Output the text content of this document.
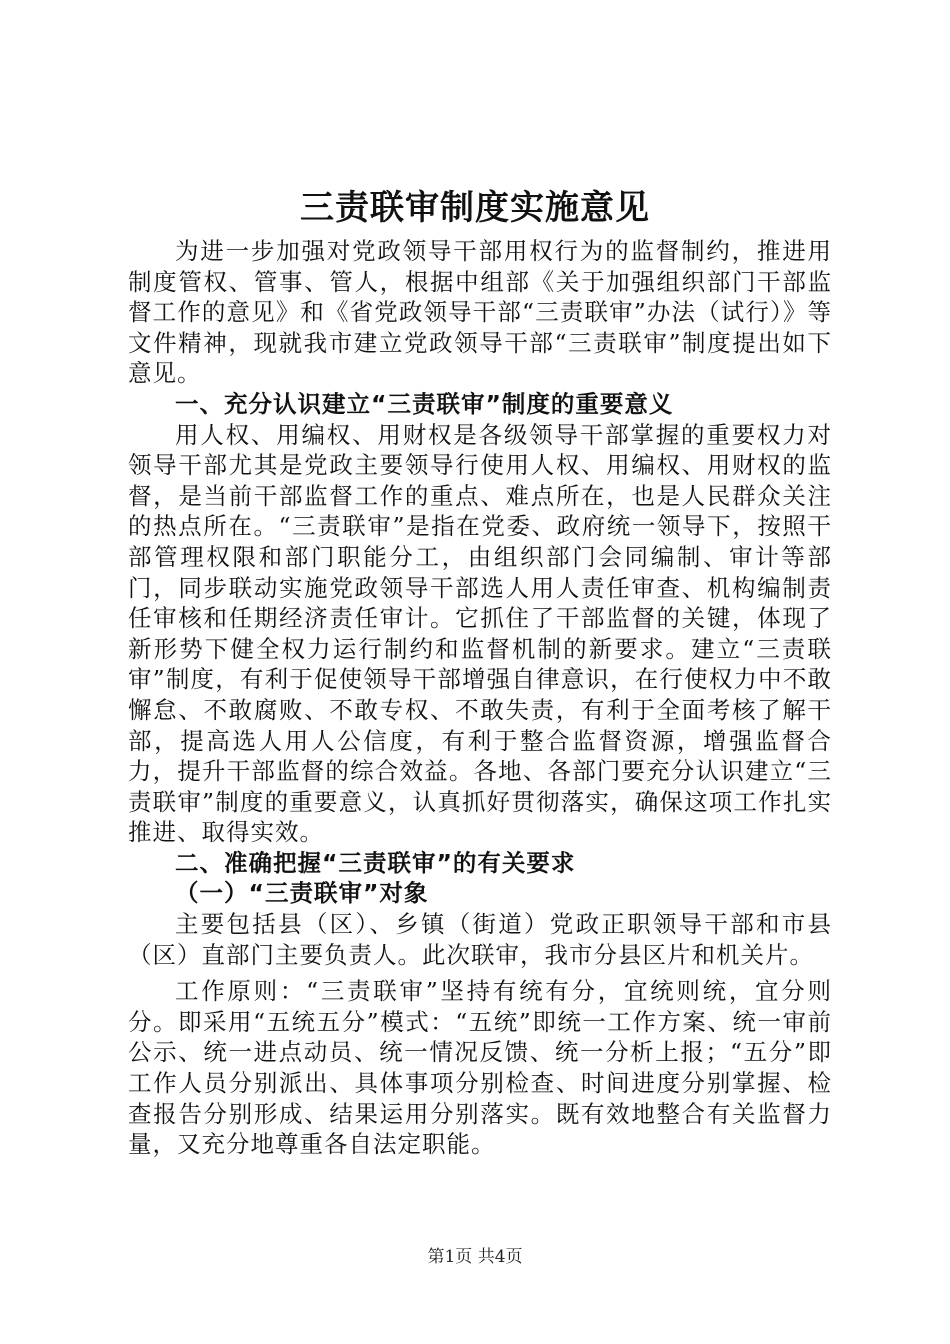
三责联审制度实施意见

为进一步加强对党政领导干部用权行为的监督制约，推进用制度管权、管事、管人，根据中组部《关于加强组织部门干部监督工作的意见》和《省党政领导干部“三责联审”办法（试行）》等文件精神，现就我市建立党政领导干部“三责联审”制度提出如下意见。

一、充分认识建立“三责联审”制度的重要意义

用人权、用编权、用财权是各级领导干部掌握的重要权力对领导干部尤其是党政主要领导行使用人权、用编权、用财权的监督，是当前干部监督工作的重点、难点所在，也是人民群众关注的热点所在。“三责联审”是指在党委、政府统一领导下，按照干部管理权限和部门职能分工，由组织部门会同编制、审计等部门，同步联动实施党政领导干部选人用人责任审查、机构编制责任审核和任期经济责任审计。它抓住了干部监督的关键，体现了新形势下健全权力运行制约和监督机制的新要求。建立“三责联审”制度，有利于促使领导干部增强自律意识，在行使权力中不敢懈怠、不敢腐败、不敢专权、不敢失责，有利于全面考核了解干部，提高选人用人公信度，有利于整合监督资源，增强监督合力，提升干部监督的综合效益。各地、各部门要充分认识建立“三责联审”制度的重要意义，认真抓好贯彻落实，确保这项工作扎实推进、取得实效。

二、准确把握“三责联审”的有关要求

（一）“三责联审”对象

主要包括县（区）、乡镇（街道）党政正职领导干部和市县（区）直部门主要负责人。此次联审，我市分县区片和机关片。

工作原则：“三责联审”坚持有统有分，宜统则统，宜分则分。即采用“五统五分”模式：“五统”即统一工作方案、统一审前公示、统一进点动员、统一情况反馈、统一分析上报；“五分”即工作人员分别派出、具体事项分别检查、时间进度分别掌握、检查报告分别形成、结果运用分别落实。既有效地整合有关监督力量，又充分地尊重各自法定职能。

第1页 共4页
